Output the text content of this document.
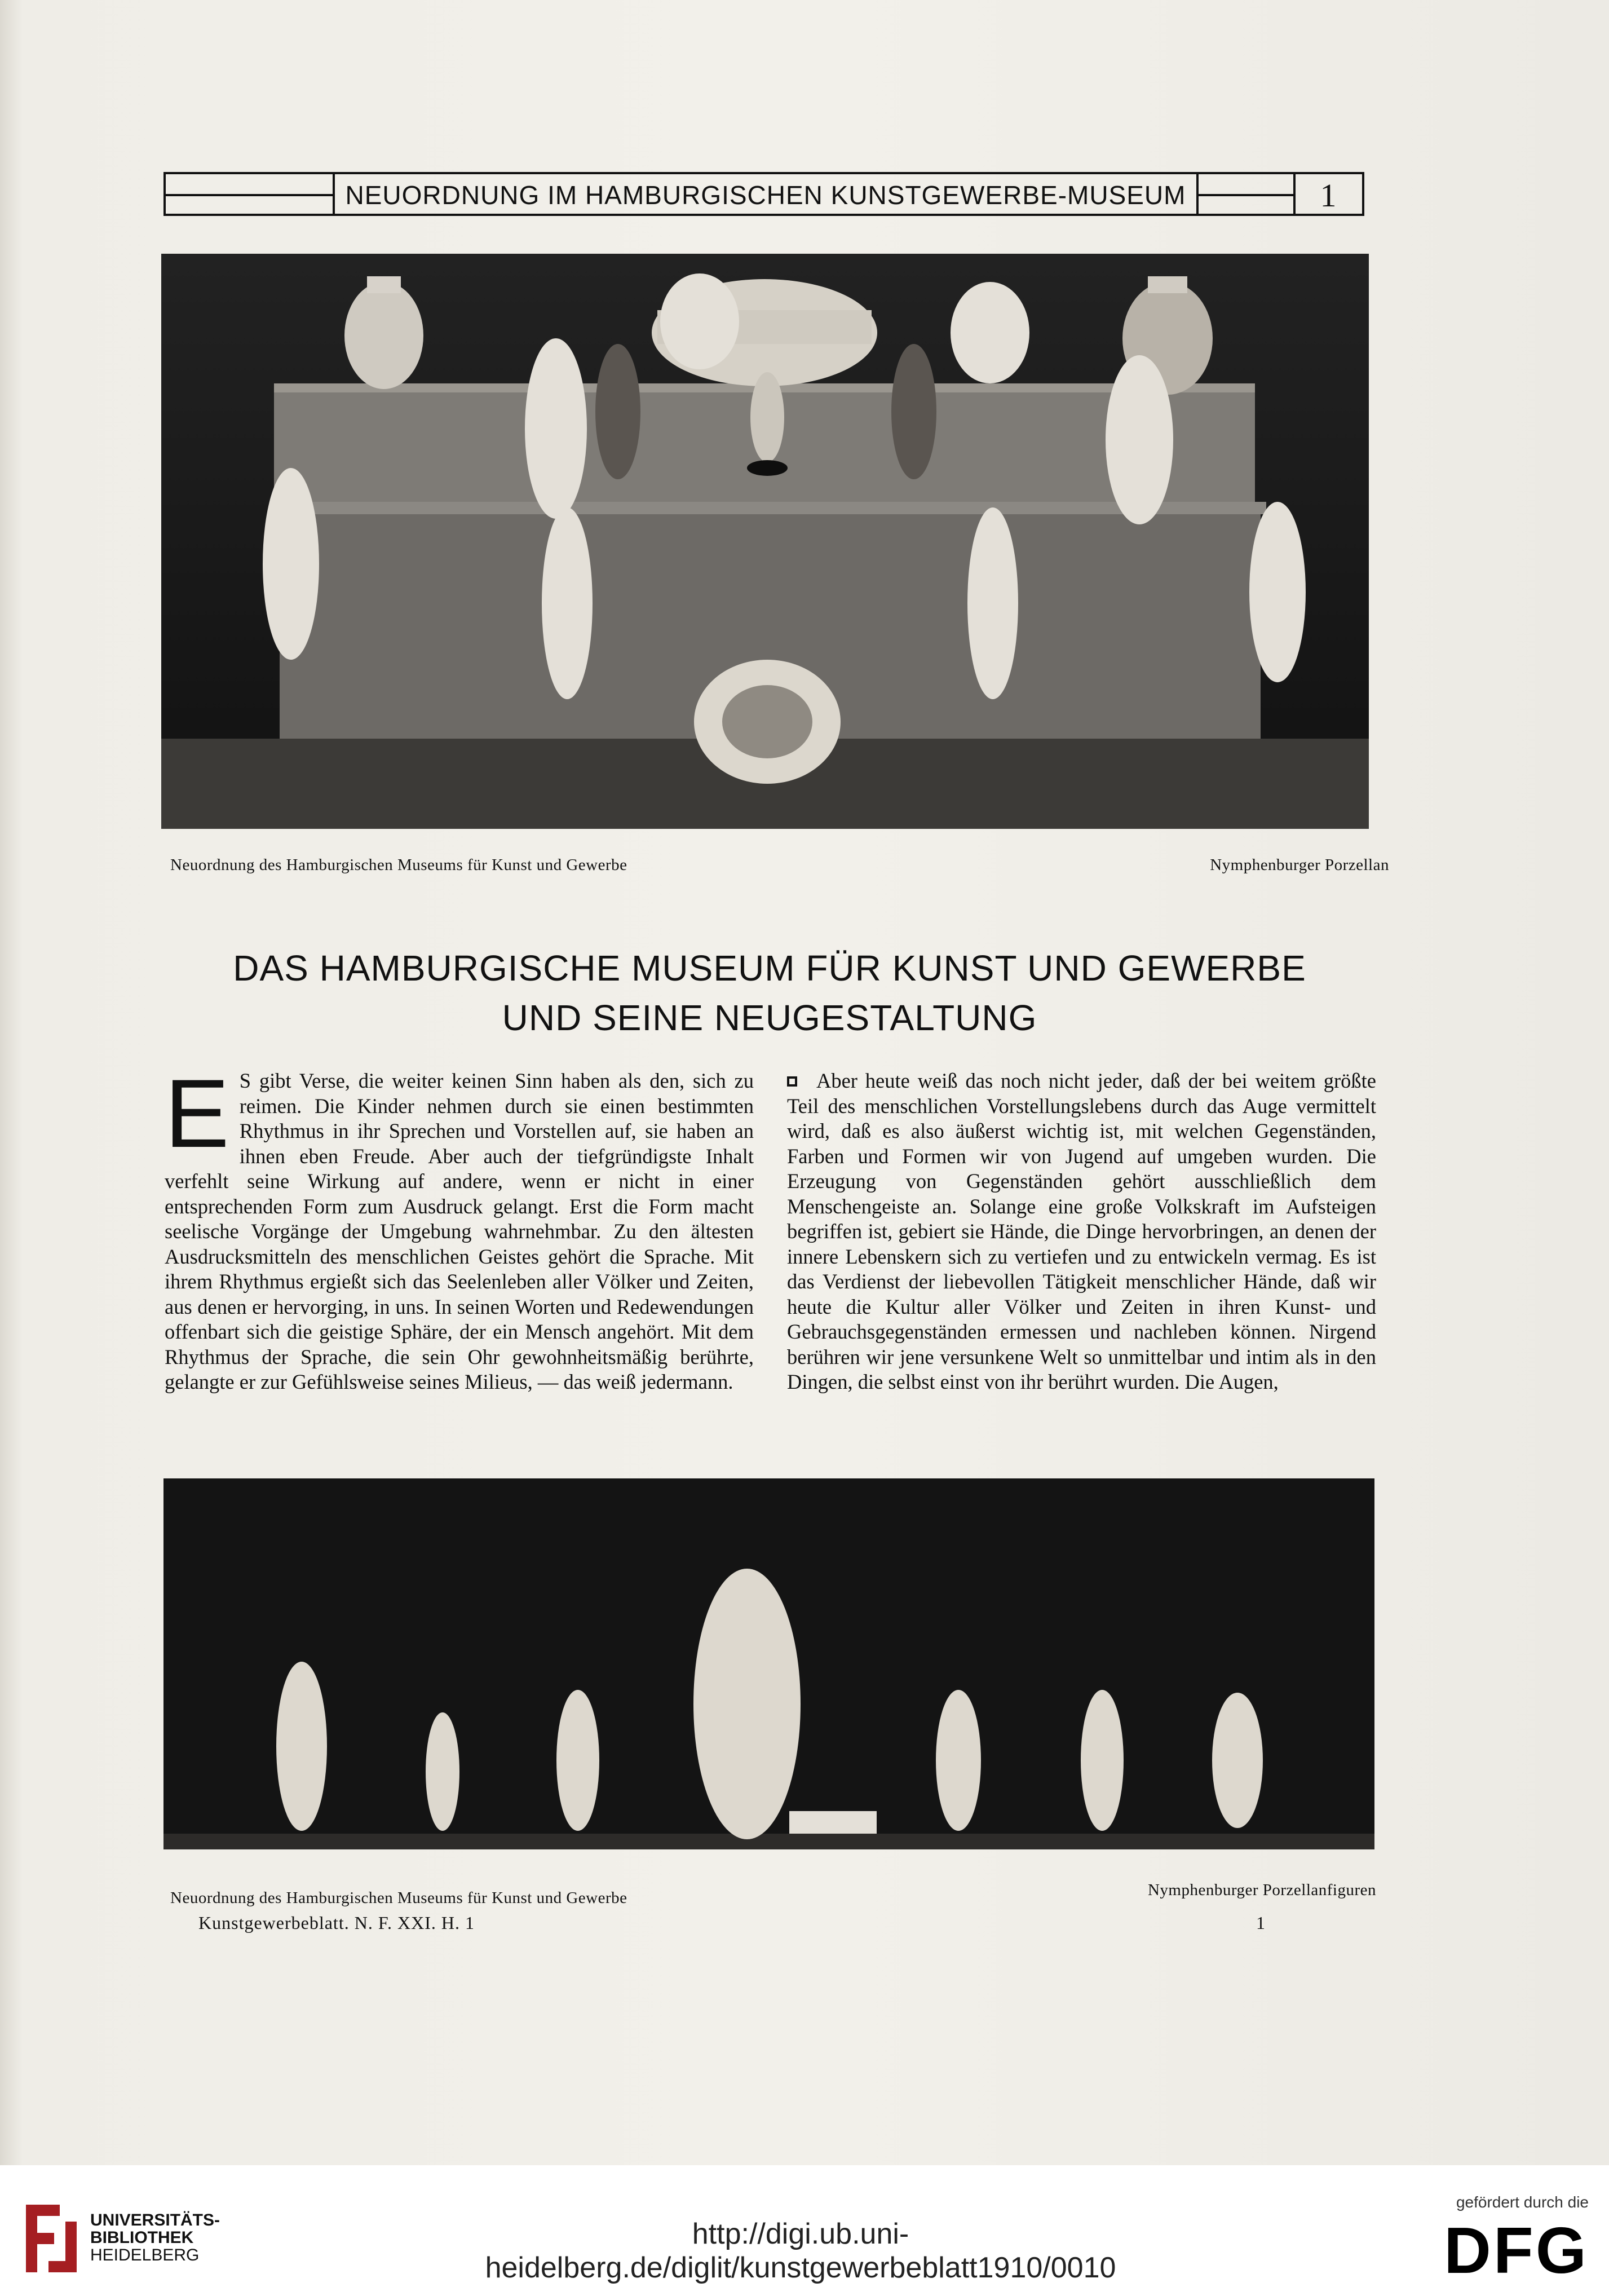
NEUORDNUNG IM HAMBURGISCHEN KUNSTGEWERBE-MUSEUM	1
Neuordnung des Hamburgischen Museums für Kunst und Gewerbe	Nymphenburger Porzellan
DAS HAMBURGISCHE MUSEUM FÜR KUNST UND GEWERBE
UND SEINE NEUGESTALTUNG
E S gibt Verse, die weiter keinen Sinn haben als den, sich zu reimen. Die Kinder nehmen durch sie einen bestimmten Rhythmus in ihr Sprechen und Vorstellen auf, sie haben an ihnen eben Freude. Aber auch der tiefgründigste Inhalt verfehlt seine Wirkung auf andere, wenn er nicht in einer entsprechenden Form zum Ausdruck gelangt. Erst die Form macht seelische Vorgänge der Umgebung wahrnehmbar. Zu den ältesten Ausdrucksmitteln des menschlichen Geistes gehört die Sprache. Mit ihrem Rhythmus ergießt sich das Seelenleben aller Völker und Zeiten, aus denen er hervorging, in uns. In seinen Worten und Redewendungen offenbart sich die geistige Sphäre, der ein Mensch angehört. Mit dem Rhythmus der Sprache, die sein Ohr gewohnheitsmäßig berührte, gelangte er zur Gefühlsweise seines Milieus, — das weiß jedermann.
Aber heute weiß das noch nicht jeder, daß der bei weitem größte Teil des menschlichen Vorstellungslebens durch das Auge vermittelt wird, daß es also äußerst wichtig ist, mit welchen Gegenständen, Farben und Formen wir von Jugend auf umgeben wurden. Die Erzeugung von Gegenständen gehört ausschließlich dem Menschengeiste an. Solange eine große Volkskraft im Aufsteigen begriffen ist, gebiert sie Hände, die Dinge hervorbringen, an denen der innere Lebenskern sich zu vertiefen und zu entwickeln vermag. Es ist das Verdienst der liebevollen Tätigkeit menschlicher Hände, daß wir heute die Kultur aller Völker und Zeiten in ihren Kunst- und Gebrauchsgegenständen ermessen und nachleben können. Nirgend berühren wir jene versunkene Welt so unmittelbar und intim als in den Dingen, die selbst einst von ihr berührt wurden. Die Augen,
Neuordnung des Hamburgischen Museums für Kunst und Gewerbe	Nymphenburger Porzellanfiguren
Kunstgewerbeblatt. N. F. XXI. H. 1	1
UNIVERSITÄTS-
BIBLIOTHEK
HEIDELBERG
http://digi.ub.uni-heidelberg.de/diglit/kunstgewerbeblatt1910/0010
gefördert durch die
DFG
